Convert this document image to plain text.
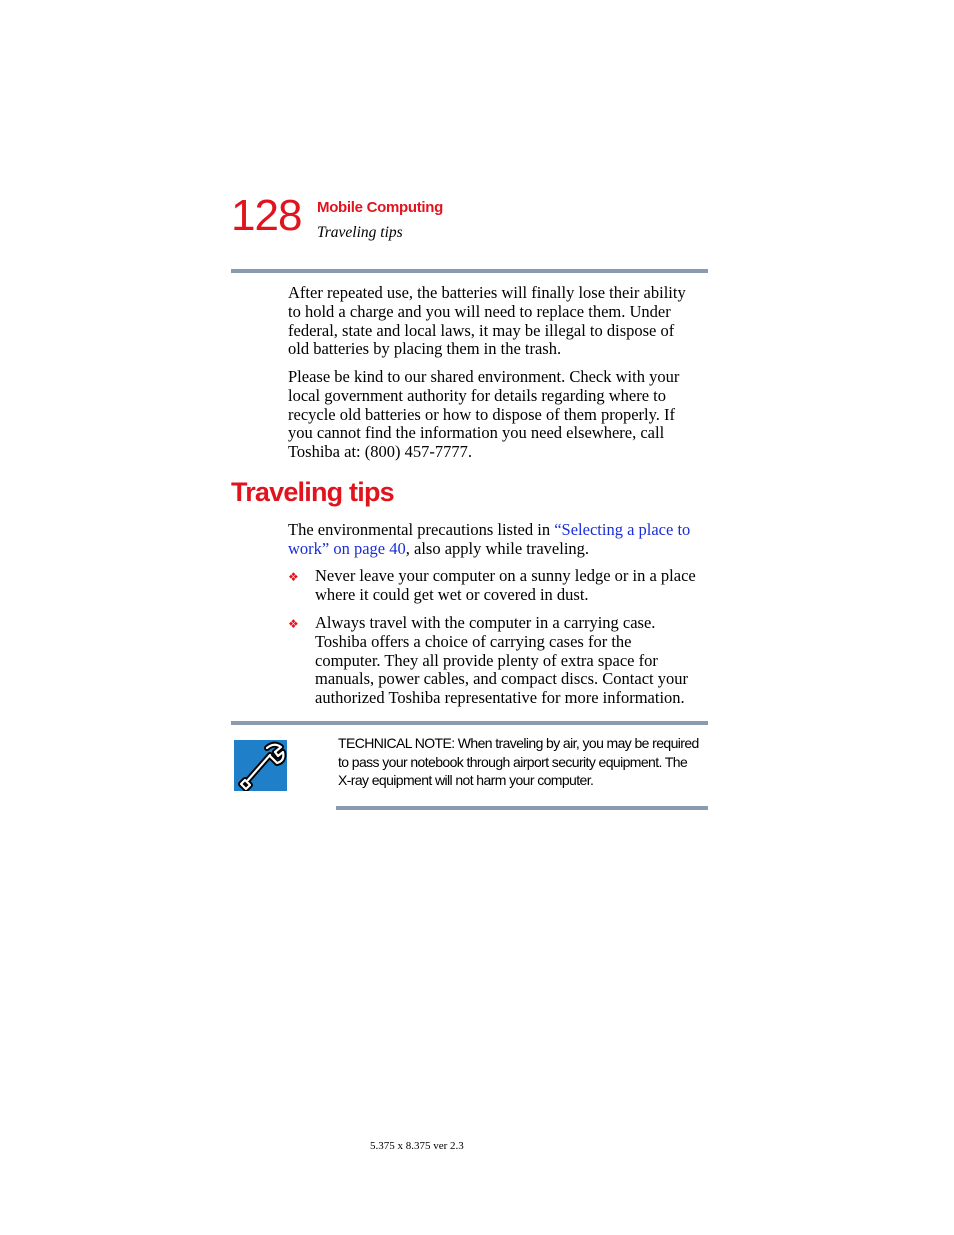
128 Mobile Computing
Traveling tips

After repeated use, the batteries will finally lose their ability
to hold a charge and you will need to replace them. Under
federal, state and local laws, it may be illegal to dispose of
old batteries by placing them in the trash.

Please be kind to our shared environment. Check with your
local government authority for details regarding where to
recycle old batteries or how to dispose of them properly. If
you cannot find the information you need elsewhere, call
Toshiba at: (800) 457-7777.

Traveling tips
The environmental precautions listed in “Selecting a place to
work” on page 40, also apply while traveling.
❖ Never leave your computer on a sunny ledge or in a place
where it could get wet or covered in dust.

❖ Always travel with the computer in a carrying case.
Toshiba offers a choice of carrying cases for the
computer. They all provide plenty of extra space for
manuals, power cables, and compact discs. Contact your
authorized Toshiba representative for more information.

TECHNICAL NOTE: When traveling by air, you may be required
to pass your notebook through airport security equipment. The
X-ray equipment will not harm your computer.

5.375 x 8.375 ver 2.3
